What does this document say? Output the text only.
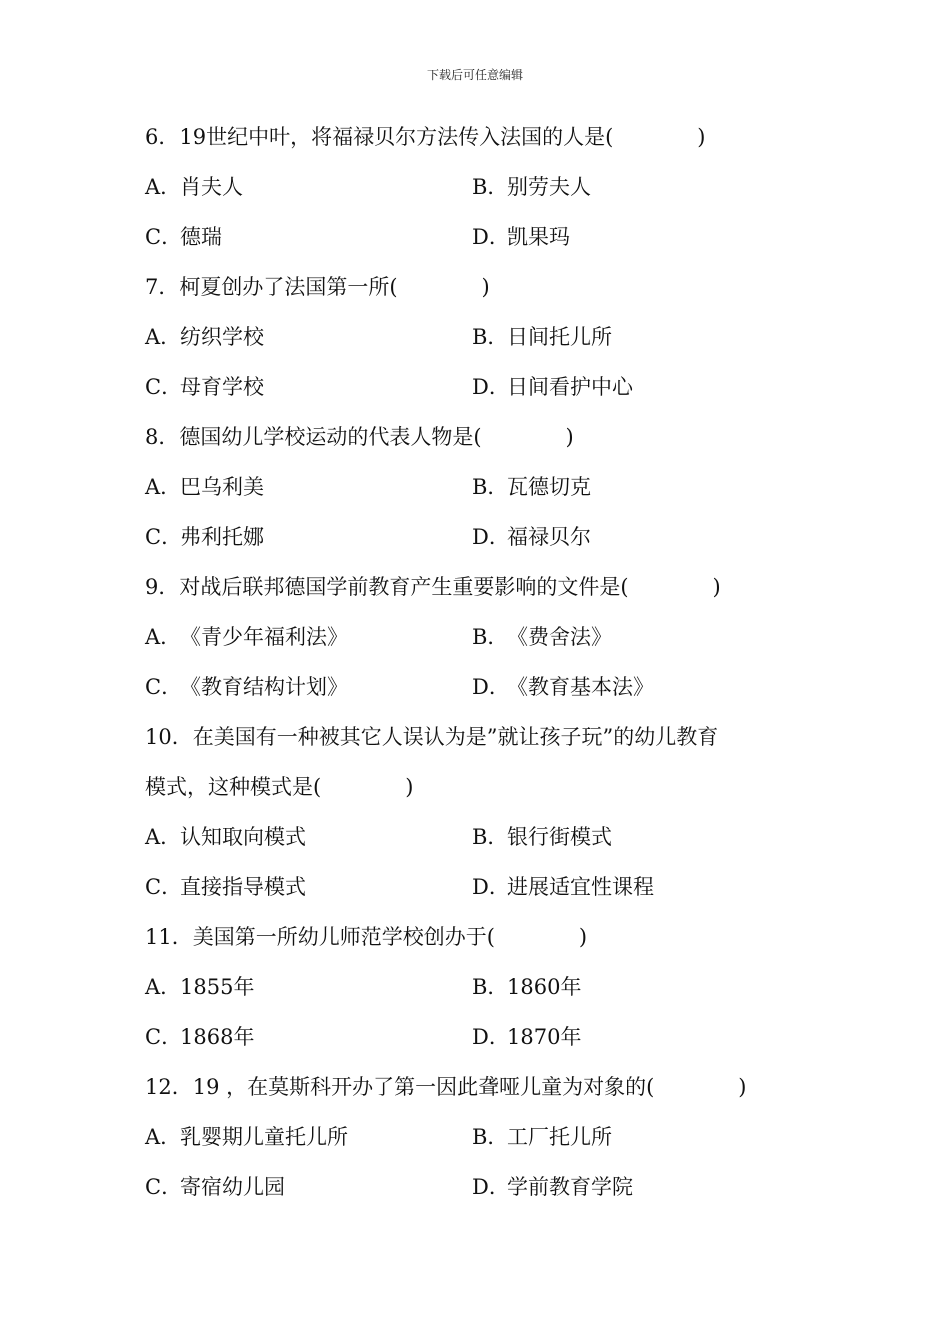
下载后可任意编辑
6．19世纪中叶，将福禄贝尔方法传入法国的人是(　　　　)
A．肖夫人	B．别劳夫人
C．德瑞	D．凯果玛
7．柯夏创办了法国第一所(　　　　)
A．纺织学校	B．日间托儿所
C．母育学校	D．日间看护中心
8．德国幼儿学校运动的代表人物是(　　　　)
A．巴乌利美	B．瓦德切克
C．弗利托娜	D．福禄贝尔
9．对战后联邦德国学前教育产生重要影响的文件是(　　　　)
A．《青少年福利法》	B．《费舍法》
C．《教育结构计划》	D．《教育基本法》
10．在美国有一种被其它人误认为是”就让孩子玩”的幼儿教育
模式，这种模式是(　　　　)
A．认知取向模式	B．银行街模式
C．直接指导模式	D．进展适宜性课程
11．美国第一所幼儿师范学校创办于(　　　　)
A．1855年	B．1860年
C．1868年	D．1870年
12．19 ，在莫斯科开办了第一因此聋哑儿童为对象的(　　　　)
A．乳婴期儿童托儿所	B．工厂托儿所
C．寄宿幼儿园	D．学前教育学院
